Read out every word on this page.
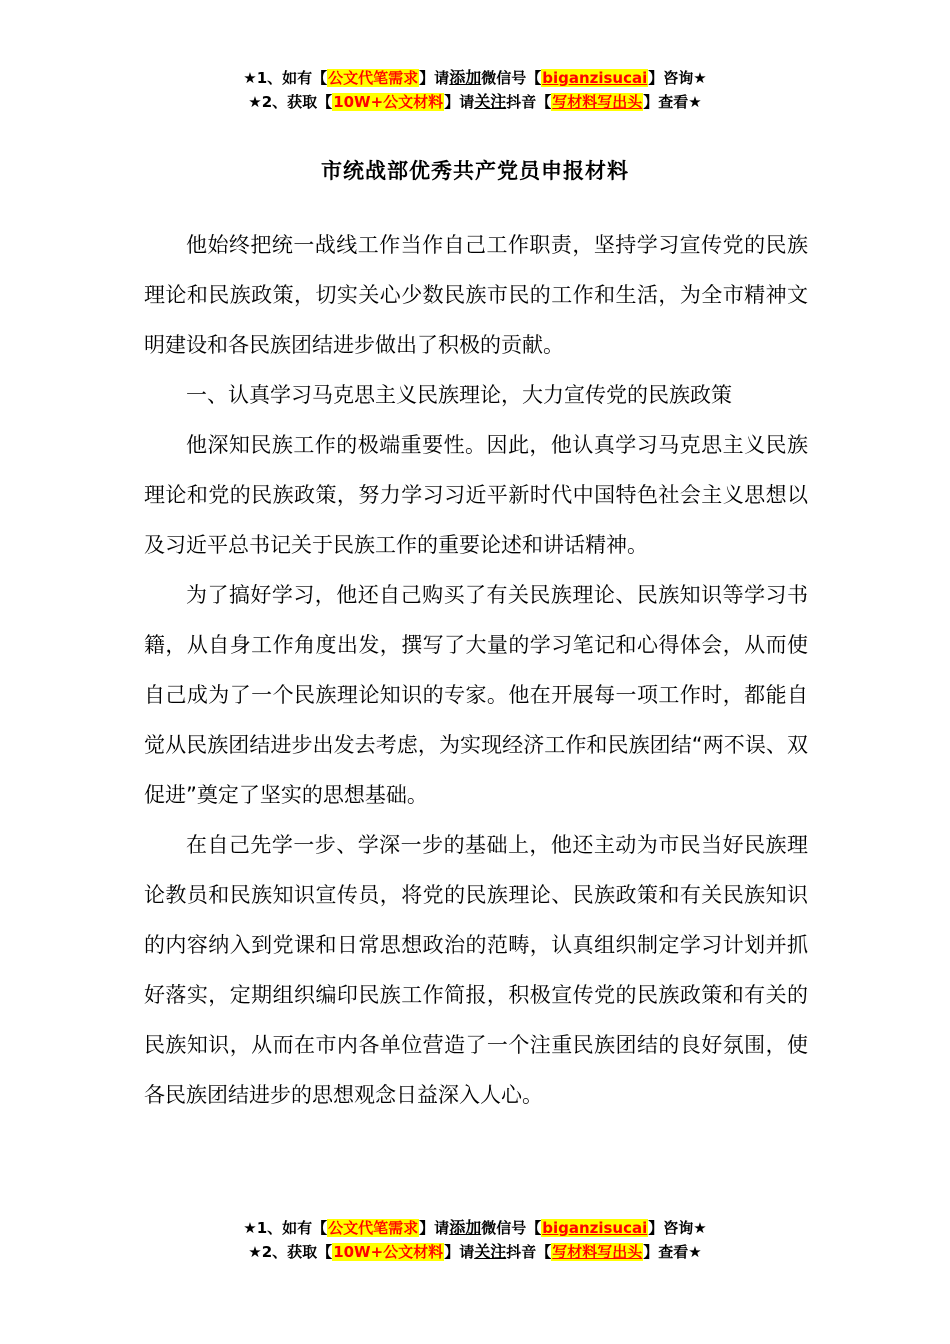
★1、如有【公文代笔需求】请添加微信号【biganzisucai】咨询★
★2、获取【10W+公文材料】请关注抖音【写材料写出头】查看★
市统战部优秀共产党员申报材料

他始终把统一战线工作当作自己工作职责，坚持学习宣传党的民族理论和民族政策，切实关心少数民族市民的工作和生活，为全市精神文明建设和各民族团结进步做出了积极的贡献。

一、认真学习马克思主义民族理论，大力宣传党的民族政策

他深知民族工作的极端重要性。因此，他认真学习马克思主义民族理论和党的民族政策，努力学习习近平新时代中国特色社会主义思想以及习近平总书记关于民族工作的重要论述和讲话精神。

为了搞好学习，他还自己购买了有关民族理论、民族知识等学习书籍，从自身工作角度出发，撰写了大量的学习笔记和心得体会，从而使自己成为了一个民族理论知识的专家。他在开展每一项工作时，都能自觉从民族团结进步出发去考虑，为实现经济工作和民族团结“两不误、双促进”奠定了坚实的思想基础。

在自己先学一步、学深一步的基础上，他还主动为市民当好民族理论教员和民族知识宣传员，将党的民族理论、民族政策和有关民族知识的内容纳入到党课和日常思想政治的范畴，认真组织制定学习计划并抓好落实，定期组织编印民族工作简报，积极宣传党的民族政策和有关的民族知识，从而在市内各单位营造了一个注重民族团结的良好氛围，使各民族团结进步的思想观念日益深入人心。

★1、如有【公文代笔需求】请添加微信号【biganzisucai】咨询★
★2、获取【10W+公文材料】请关注抖音【写材料写出头】查看★
